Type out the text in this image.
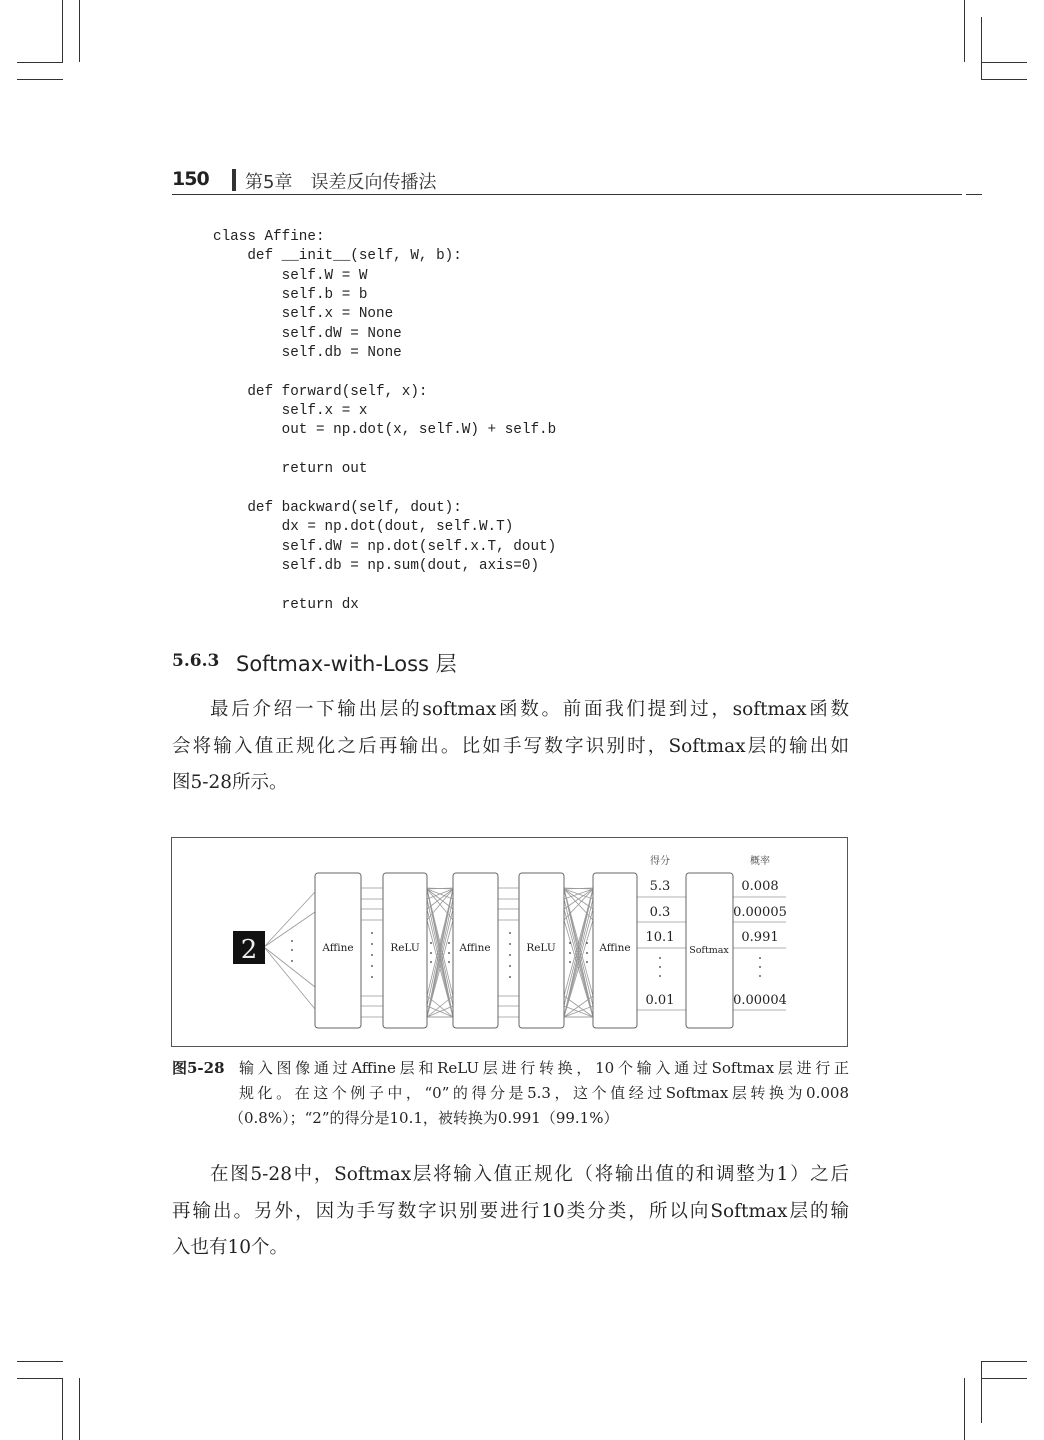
150 第5章　误差反向传播法
class Affine:
def __init__(self, W, b):
self.W = W
self.b = b
self.x = None
self.dW = None
self.db = None

def forward(self, x):
self.x = x
out = np.dot(x, self.W) + self.b

return out

def backward(self, dout):
dx = np.dot(dout, self.W.T)
self.dW = np.dot(self.x.T, dout)
self.db = np.sum(dout, axis=0)

return dx
5.6.3 Softmax-with-Loss 层
最后介绍一下输出层的softmax函数。前面我们提到过，softmax函数
会将输入值正规化之后再输出。比如手写数字识别时，Softmax层的输出如
图5-28所示。
2	Affine	ReLU	Affine	ReLU	Affine	Softmax
得分	概率
5.3
0.3
10.1
0.01
0.008
0.00005
0.991
0.00004
图5-28 输入图像通过Affine层和ReLU层进行转换，10个输入通过Softmax层进行正
规化。在这个例子中，“0”的得分是5.3，这个值经过Softmax层转换为0.008
（0.8%）；“2”的得分是10.1，被转换为0.991（99.1%）
在图5-28中，Softmax层将输入值正规化（将输出值的和调整为1）之后
再输出。另外，因为手写数字识别要进行10类分类，所以向Softmax层的输
入也有10个。
